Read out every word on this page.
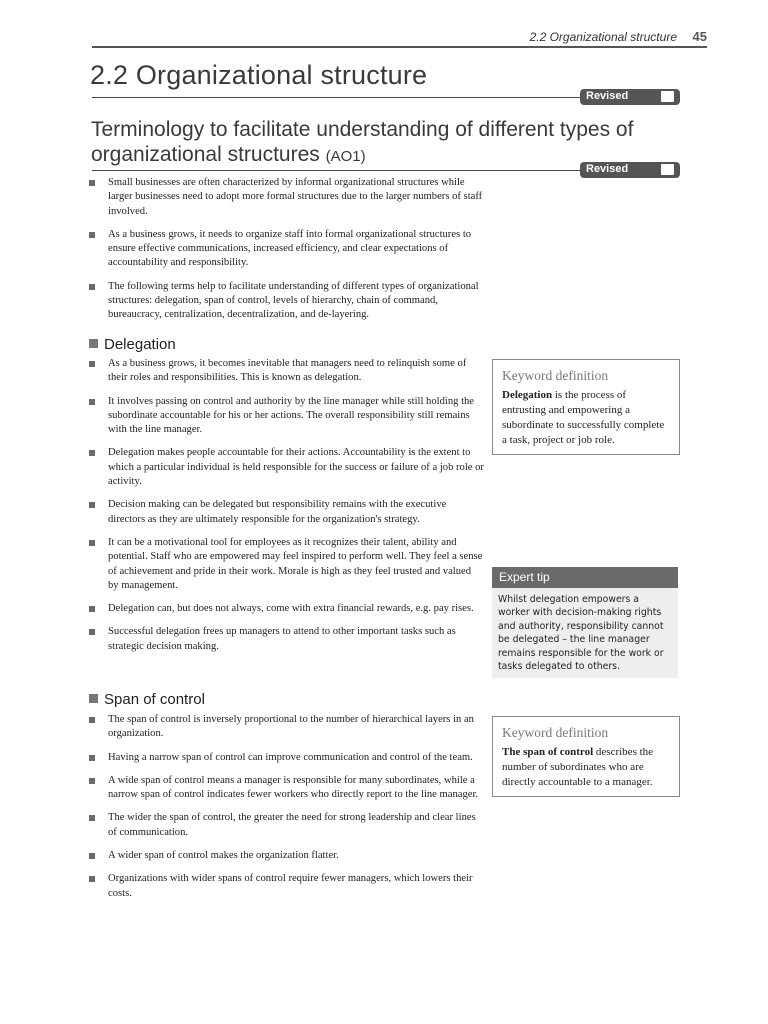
2.2 Organizational structure 45
2.2 Organizational structure
Revised
Terminology to facilitate understanding of different types of organizational structures (AO1)
Revised
Small businesses are often characterized by informal organizational structures while larger businesses need to adopt more formal structures due to the larger numbers of staff involved.
As a business grows, it needs to organize staff into formal organizational structures to ensure effective communications, increased efficiency, and clear expectations of accountability and responsibility.
The following terms help to facilitate understanding of different types of organizational structures: delegation, span of control, levels of hierarchy, chain of command, bureaucracy, centralization, decentralization, and de-layering.
Delegation
As a business grows, it becomes inevitable that managers need to relinquish some of their roles and responsibilities. This is known as delegation.
It involves passing on control and authority by the line manager while still holding the subordinate accountable for his or her actions. The overall responsibility still remains with the line manager.
Delegation makes people accountable for their actions. Accountability is the extent to which a particular individual is held responsible for the success or failure of a job role or activity.
Decision making can be delegated but responsibility remains with the executive directors as they are ultimately responsible for the organization's strategy.
It can be a motivational tool for employees as it recognizes their talent, ability and potential. Staff who are empowered may feel inspired to perform well. They feel a sense of achievement and pride in their work. Morale is high as they feel trusted and valued by management.
Delegation can, but does not always, come with extra financial rewards, e.g. pay rises.
Successful delegation frees up managers to attend to other important tasks such as strategic decision making.
Span of control
The span of control is inversely proportional to the number of hierarchical layers in an organization.
Having a narrow span of control can improve communication and control of the team.
A wide span of control means a manager is responsible for many subordinates, while a narrow span of control indicates fewer workers who directly report to the line manager.
The wider the span of control, the greater the need for strong leadership and clear lines of communication.
A wider span of control makes the organization flatter.
Organizations with wider spans of control require fewer managers, which lowers their costs.
Keyword definition
Delegation is the process of entrusting and empowering a subordinate to successfully complete a task, project or job role.
Expert tip
Whilst delegation empowers a worker with decision-making rights and authority, responsibility cannot be delegated – the line manager remains responsible for the work or tasks delegated to others.
Keyword definition
The span of control describes the number of subordinates who are directly accountable to a manager.
